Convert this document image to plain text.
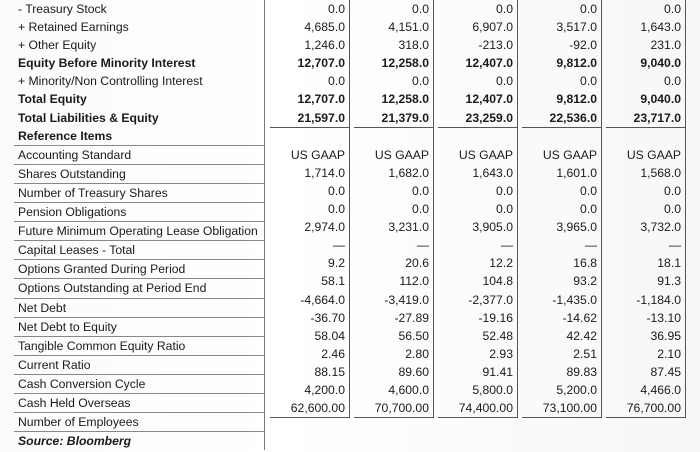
- Treasury Stock
+ Retained Earnings
+ Other Equity
Equity Before Minority Interest
+ Minority/Non Controlling Interest
Total Equity
Total Liabilities & Equity
Reference Items
Accounting Standard
Shares Outstanding
Number of Treasury Shares
Pension Obligations
Future Minimum Operating Lease Obligation
Capital Leases - Total
Options Granted During Period
Options Outstanding at Period End
Net Debt
Net Debt to Equity
Tangible Common Equity Ratio
Current Ratio
Cash Conversion Cycle
Cash Held Overseas
Number of Employees
Source: Bloomberg
0.0
4,685.0
1,246.0
12,707.0
0.0
12,707.0
21,597.0
US GAAP
1,714.0
0.0
0.0
2,974.0
—
9.2
58.1
-4,664.0
-36.70
58.04
2.46
88.15
4,200.0
62,600.00
0.0
4,151.0
318.0
12,258.0
0.0
12,258.0
21,379.0
US GAAP
1,682.0
0.0
0.0
3,231.0
—
20.6
112.0
-3,419.0
-27.89
56.50
2.80
89.60
4,600.0
70,700.00
0.0
6,907.0
-213.0
12,407.0
0.0
12,407.0
23,259.0
US GAAP
1,643.0
0.0
0.0
3,905.0
—
12.2
104.8
-2,377.0
-19.16
52.48
2.93
91.41
5,800.0
74,400.00
0.0
3,517.0
-92.0
9,812.0
0.0
9,812.0
22,536.0
US GAAP
1,601.0
0.0
0.0
3,965.0
—
16.8
93.2
-1,435.0
-14.62
42.42
2.51
89.83
5,200.0
73,100.00
0.0
1,643.0
231.0
9,040.0
0.0
9,040.0
23,717.0
US GAAP
1,568.0
0.0
0.0
3,732.0
—
18.1
91.3
-1,184.0
-13.10
36.95
2.10
87.45
4,466.0
76,700.00
